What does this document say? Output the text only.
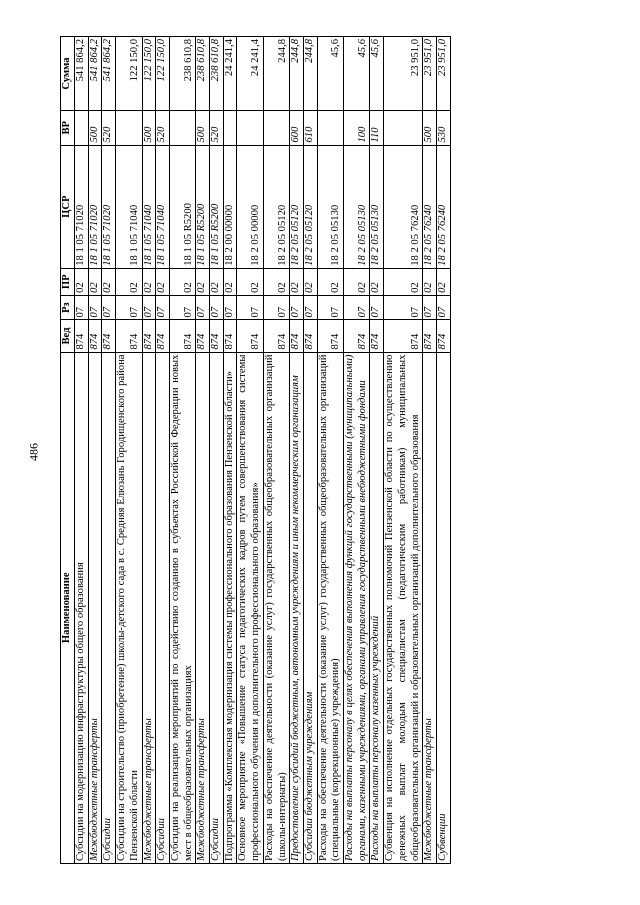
486
Наименование	Вед	Рз	ПР	ЦСР	ВР	Сумма
Субсидии на модернизацию инфраструктуры общего образования	874	07	02	18 1 05 71020		541 864,2
Межбюджетные трансферты	874	07	02	18 1 05 71020	500	541 864,2
Субсидии	874	07	02	18 1 05 71020	520	541 864,2
Субсидии на строительство (приобретение) школы-детского сада в с. Средняя Елюзань Городищенского района Пензенской области	874	07	02	18 1 05 71040		122 150,0
Межбюджетные трансферты	874	07	02	18 1 05 71040	500	122 150,0
Субсидии	874	07	02	18 1 05 71040	520	122 150,0
Субсидии на реализацию мероприятий по содействию созданию в субъектах Российской Федерации новых мест в общеобразовательных организациях	874	07	02	18 1 05 R5200		238 610,8
Межбюджетные трансферты	874	07	02	18 1 05 R5200	500	238 610,8
Субсидии	874	07	02	18 1 05 R5200	520	238 610,8
Подпрограмма «Комплексная модернизация системы профессионального образования Пензенской области»	874	07	02	18 2 00 00000		24 241,4
Основное мероприятие «Повышение статуса педагогических кадров путем совершенствования системы профессионального обучения и дополнительного профессионального образования»	874	07	02	18 2 05 00000		24 241,4
Расходы на обеспечение деятельности (оказание услуг) государственных общеобразовательных организаций (школы-интернаты)	874	07	02	18 2 05 05120		244,8
Предоставление субсидий бюджетным, автономным учреждениям и иным некоммерческим организациям	874	07	02	18 2 05 05120	600	244,8
Субсидии бюджетным учреждениям	874	07	02	18 2 05 05120	610	244,8
Расходы на обеспечение деятельности (оказание услуг) государственных общеобразовательных организаций (специальные (коррекционные) учреждения)	874	07	02	18 2 05 05130		45,6
Расходы на выплаты персоналу в целях обеспечения выполнения функций государственными (муниципальными) органами, казенными учреждениями, органами управления государственными внебюджетными фондами	874	07	02	18 2 05 05130	100	45,6
Расходы на выплаты персоналу казенных учреждений	874	07	02	18 2 05 05130	110	45,6
Субвенция на исполнение отдельных государственных полномочий Пензенской области по осуществлению денежных выплат молодым специалистам (педагогическим работникам) муниципальных общеобразовательных организаций и образовательных организаций дополнительного образования	874	07	02	18 2 05 76240		23 951,0
Межбюджетные трансферты	874	07	02	18 2 05 76240	500	23 951,0
Субвенции	874	07	02	18 2 05 76240	530	23 951,0
